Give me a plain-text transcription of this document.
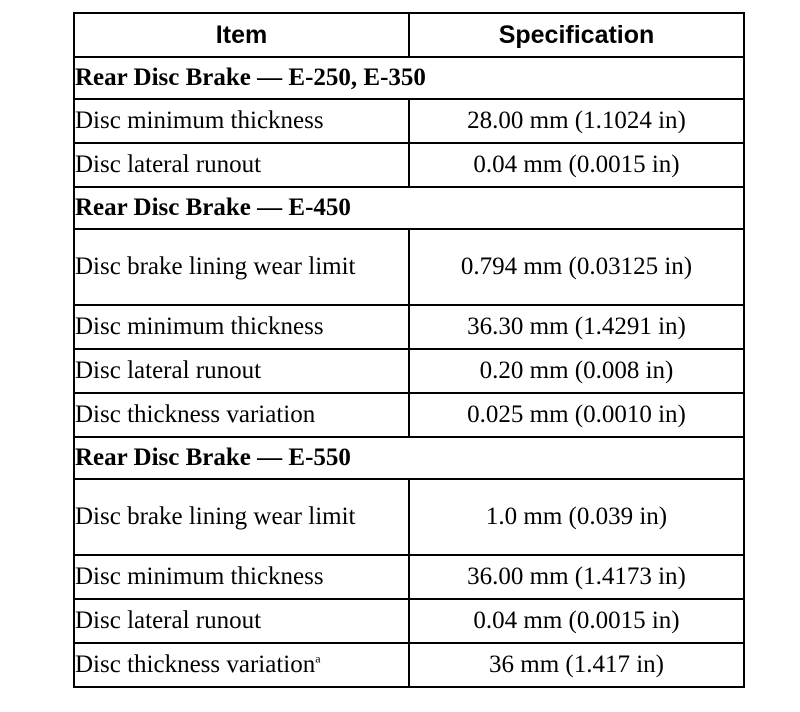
Item	Specification
Rear Disc Brake — E-250, E-350	
Disc minimum thickness	28.00 mm (1.1024 in)
Disc lateral runout	0.04 mm (0.0015 in)
Rear Disc Brake — E-450	
Disc brake lining wear limit	0.794 mm (0.03125 in)
Disc minimum thickness	36.30 mm (1.4291 in)
Disc lateral runout	0.20 mm (0.008 in)
Disc thickness variation	0.025 mm (0.0010 in)
Rear Disc Brake — E-550	
Disc brake lining wear limit	1.0 mm (0.039 in)
Disc minimum thickness	36.00 mm (1.4173 in)
Disc lateral runout	0.04 mm (0.0015 in)
Disc thickness variation$^a$	36 mm (1.417 in)
